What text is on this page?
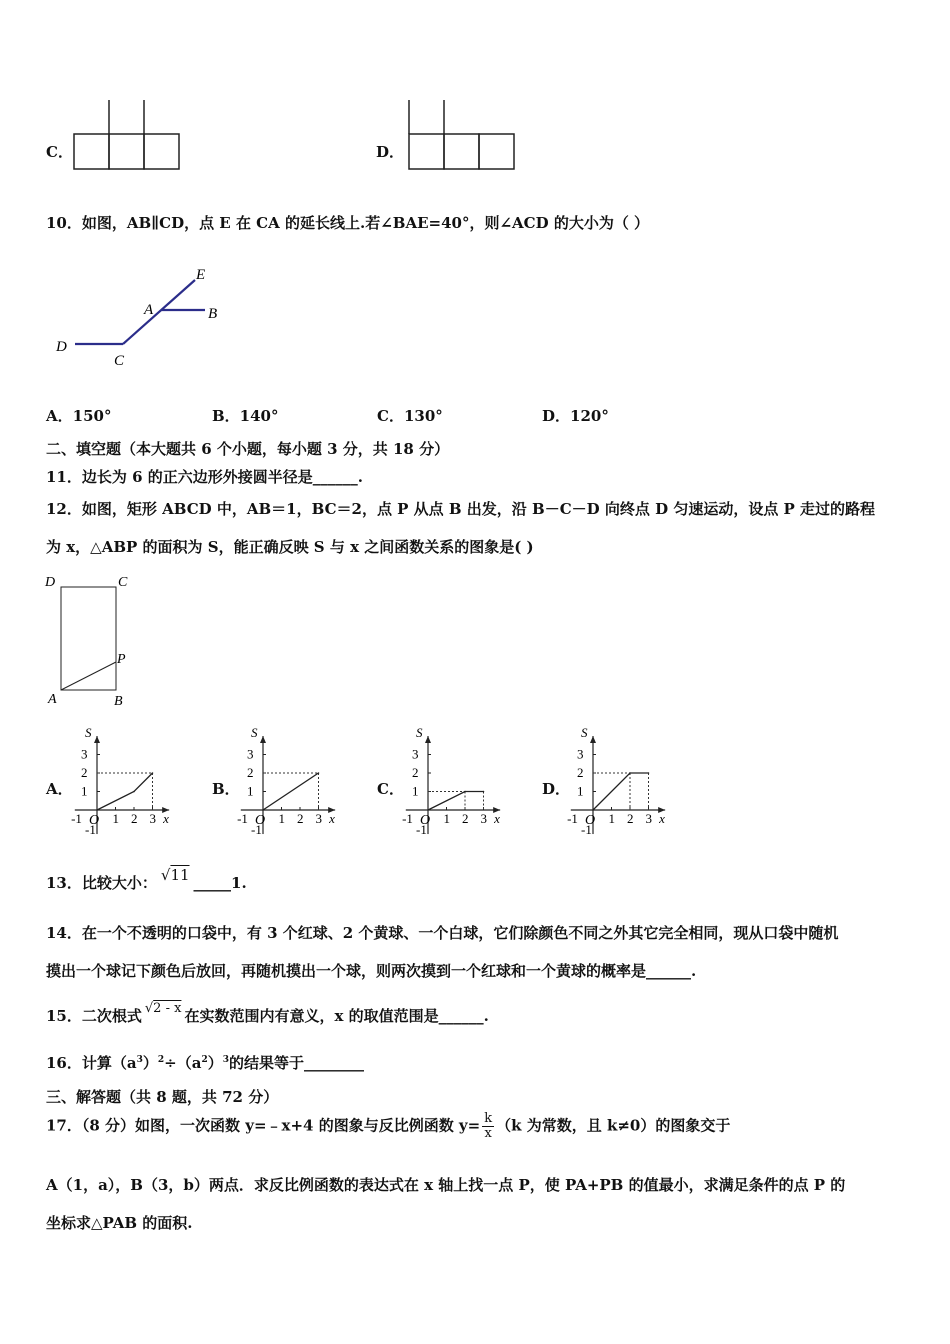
C．	D．
10．如图，AB∥CD，点 E 在 CA 的延长线上.若∠BAE=40°，则∠ACD 的大小为（ ）
E
A	B
D
C
A．150°	B．140°	C．130°	D．120°
二、填空题（本大题共 6 个小题，每小题 3 分，共 18 分）
11．边长为 6 的正六边形外接圆半径是______.
12．如图，矩形 ABCD 中，AB＝1，BC＝2，点 P 从点 B 出发，沿 B－C－D 向终点 D 匀速运动，设点 P 走过的路程
为 x，△ABP 的面积为 S，能正确反映 S 与 x 之间函数关系的图象是( )
D	C
P
A	B
A．	B．	C．	D．
S
x
3
2
1
-1
-1 O 1 2 3
S
x
3
2
1
-1
-1 O 1 2 3
S
x
3
2
1
-1
-1 O 1 2 3
S
x
3
2
1
-1
-1 O 1 2 3
13．比较大小： √11 _____1.
14．在一个不透明的口袋中，有 3 个红球、2 个黄球、一个白球，它们除颜色不同之外其它完全相同，现从口袋中随机
摸出一个球记下颜色后放回，再随机摸出一个球，则两次摸到一个红球和一个黄球的概率是______.
15．二次根式 √2 - x 在实数范围内有意义，x 的取值范围是______.
16．计算$(a^3)^2\div(a^2)^3$的结果等于________
三、解答题（共 8 题，共 72 分）
17．（8 分）如图，一次函数 y=﹣x+4 的图象与反比例函数 $y= \frac{k}{x} (k$ 为常数，且 k≠0）的图象交于
A（1，a），B（3，b）两点．求反比例函数的表达式在 x 轴上找一点 P，使 PA+PB 的值最小，求满足条件的点 P 的
坐标求△PAB 的面积.
